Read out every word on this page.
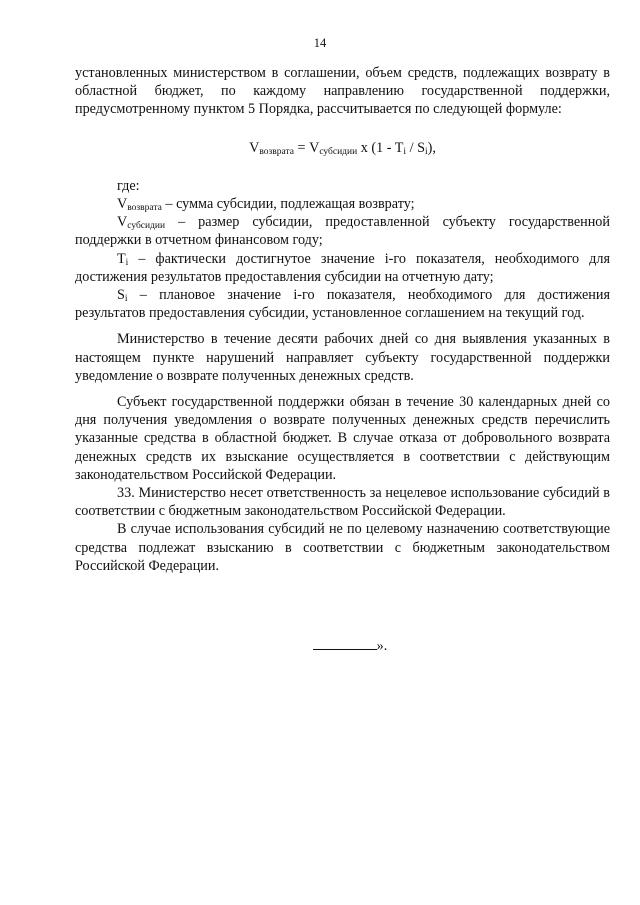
14

установленных министерством в соглашении, объем средств, подлежащих возврату в областной бюджет, по каждому направлению государственной поддержки, предусмотренному пунктом 5 Порядка, рассчитывается по следующей формуле:

$V_{возврата} = V_{субсидии}$ x $(1 - T_i / S_i)$,

где:

$V_{возврата}$ – сумма субсидии, подлежащая возврату;

$V_{субсидии}$ – размер субсидии, предоставленной субъекту государственной поддержки в отчетном финансовом году;

$T_i$ – фактически достигнутое значение i-го показателя, необходимого для достижения результатов предоставления субсидии на отчетную дату;

$S_i$ – плановое значение i-го показателя, необходимого для достижения результатов предоставления субсидии, установленное соглашением на текущий год.

Министерство в течение десяти рабочих дней со дня выявления указанных в настоящем пункте нарушений направляет субъекту государственной поддержки уведомление о возврате полученных денежных средств.

Субъект государственной поддержки обязан в течение 30 календарных дней со дня получения уведомления о возврате полученных денежных средств перечислить указанные средства в областной бюджет. В случае отказа от добровольного возврата денежных средств их взыскание осуществляется в соответствии с действующим законодательством Российской Федерации.

33. Министерство несет ответственность за нецелевое использование субсидий в соответствии с бюджетным законодательством Российской Федерации.

В случае использования субсидий не по целевому назначению соответствующие средства подлежат взысканию в соответствии с бюджетным законодательством Российской Федерации.

».
